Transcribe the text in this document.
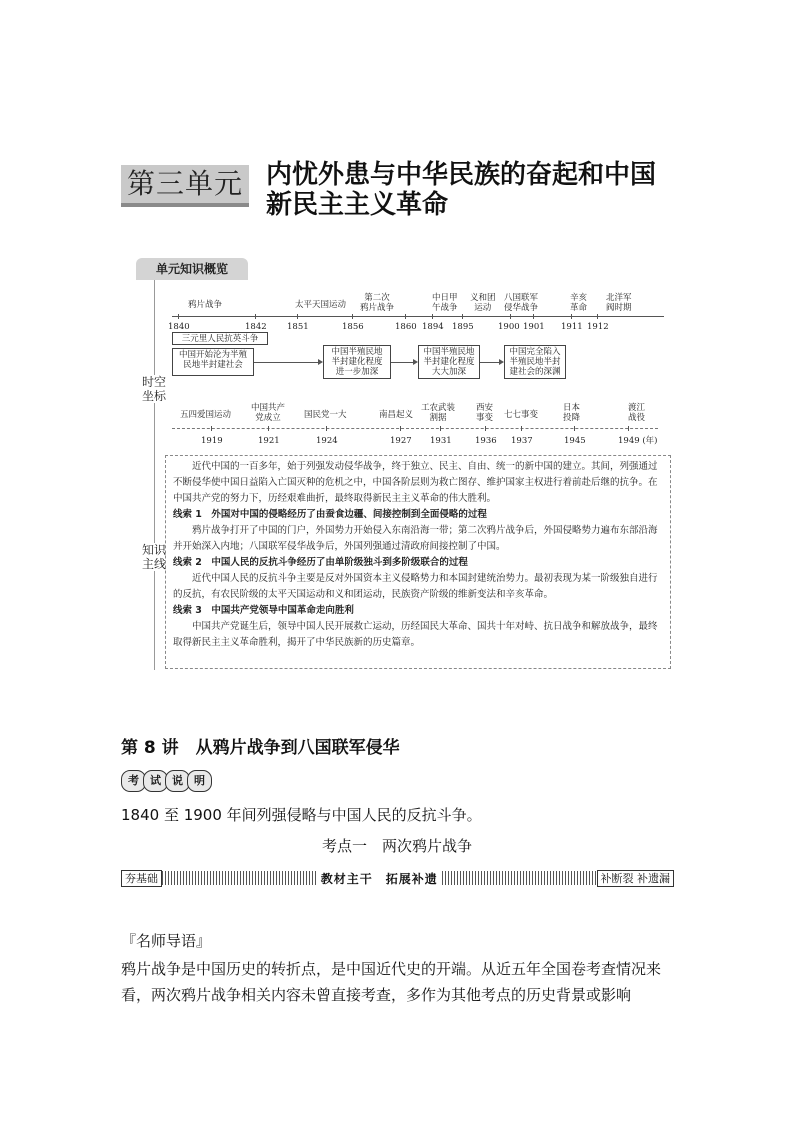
第三单元 内忧外患与中华民族的奋起和中国
新民主主义革命
单元知识概览
时空
坐标
知识
主线
鸦片战争	太平天国运动
第二次
鸦片战争
中日甲
午战争
义和团
运动
八国联军
侵华战争
辛亥
革命
北洋军
阀时期
1840	1842 1851	1856	1860 1894 1895	1900 1901 1911 1912
三元里人民抗英斗争
中国开始沦为半殖
民地半封建社会
中国半殖民地
半封建化程度
进一步加深
中国半殖民地
半封建化程度
大大加深
中国完全陷入
半殖民地半封
建社会的深渊
五四爱国运动
中国共产
党成立	国民党一大	南昌起义
工农武装
割据
西安
事变 七七事变
日本
投降
渡江
战役
1919	1921	1924	1927 1931	1936 1937	1945	1949 (年)

近代中国的一百多年，始于列强发动侵华战争，终于独立、民主、自由、统一的新中国的建立。其间，列强通过不断侵华使中国日益陷入亡国灭种的危机之中，中国各阶层则为救亡图存、维护国家主权进行着前赴后继的抗争。在中国共产党的努力下，历经艰难曲折，最终取得新民主主义革命的伟大胜利。

线索 1　外国对中国的侵略经历了由蚕食边疆、间接控制到全面侵略的过程

鸦片战争打开了中国的门户，外国势力开始侵入东南沿海一带；第二次鸦片战争后，外国侵略势力遍布东部沿海并开始深入内地；八国联军侵华战争后，外国列强通过清政府间接控制了中国。

线索 2　中国人民的反抗斗争经历了由单阶级独斗到多阶级联合的过程

近代中国人民的反抗斗争主要是反对外国资本主义侵略势力和本国封建统治势力。最初表现为某一阶级独自进行的反抗，有农民阶级的太平天国运动和义和团运动，民族资产阶级的维新变法和辛亥革命。

线索 3　中国共产党领导中国革命走向胜利

中国共产党诞生后，领导中国人民开展救亡运动，历经国民大革命、国共十年对峙、抗日战争和解放战争，最终取得新民主主义革命胜利，揭开了中华民族新的历史篇章。

第 8 讲　从鸦片战争到八国联军侵华
考	试	说	明
1840 至 1900 年间列强侵略与中国人民的反抗斗争。
考点一　两次鸦片战争
夯基础	教材主干　拓展补遗	补断裂 补遗漏
『名师导语』
鸦片战争是中国历史的转折点，是中国近代史的开端。从近五年全国卷考查情况来看，两次鸦片战争相关内容未曾直接考查，多作为其他考点的历史背景或影响
